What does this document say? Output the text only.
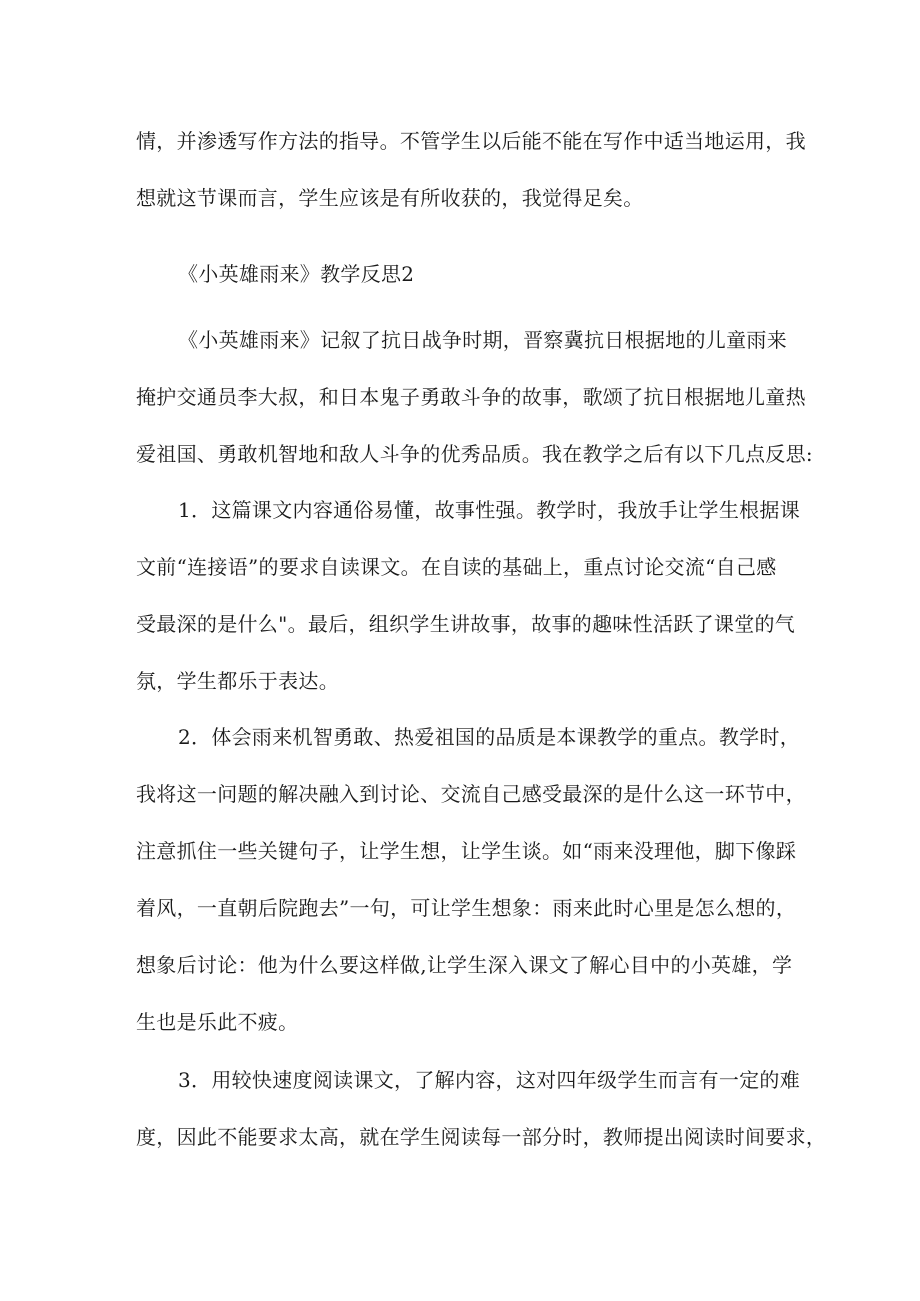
情，并渗透写作方法的指导。不管学生以后能不能在写作中适当地运用，我
想就这节课而言，学生应该是有所收获的，我觉得足矣。

《小英雄雨来》教学反思2

《小英雄雨来》记叙了抗日战争时期，晋察冀抗日根据地的儿童雨来
掩护交通员李大叔，和日本鬼子勇敢斗争的故事，歌颂了抗日根据地儿童热
爱祖国、勇敢机智地和敌人斗争的优秀品质。我在教学之后有以下几点反思:

1．这篇课文内容通俗易懂，故事性强。教学时，我放手让学生根据课
文前“连接语”的要求自读课文。在自读的基础上，重点讨论交流“自己感
受最深的是什么"。最后，组织学生讲故事，故事的趣味性活跃了课堂的气
氛，学生都乐于表达。

2．体会雨来机智勇敢、热爱祖国的品质是本课教学的重点。教学时，
我将这一问题的解决融入到讨论、交流自己感受最深的是什么这一环节中，
注意抓住一些关键句子，让学生想，让学生谈。如“雨来没理他，脚下像踩
着风，一直朝后院跑去”一句，可让学生想象：雨来此时心里是怎么想的，
想象后讨论：他为什么要这样做,让学生深入课文了解心目中的小英雄，学
生也是乐此不疲。

3．用较快速度阅读课文，了解内容，这对四年级学生而言有一定的难
度，因此不能要求太高，就在学生阅读每一部分时，教师提出阅读时间要求，
